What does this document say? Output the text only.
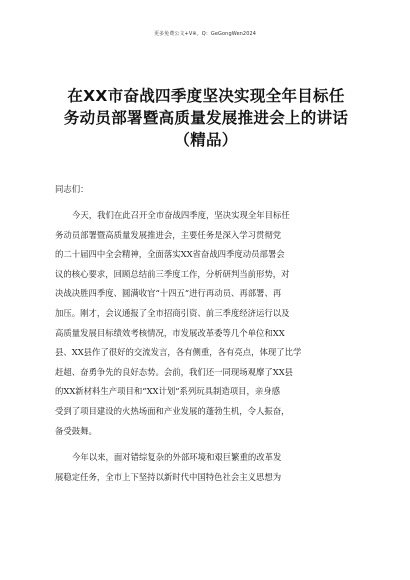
更多免费公文+V※。Q：GeGongWen2024
在XX市奋战四季度坚决实现全年目标任
务动员部署暨高质量发展推进会上的讲话
（精品）
同志们：
今天，我们在此召开全市奋战四季度，坚决实现全年目标任
务动员部署暨高质量发展推进会，主要任务是深入学习贯彻党
的二十届四中全会精神，全面落实XX省奋战四季度动员部署会
议的核心要求，回顾总结前三季度工作，分析研判当前形势，对
决战决胜四季度、圆满收官“十四五”进行再动员、再部署、再
加压。刚才，会议通报了全市招商引资、前三季度经济运行以及
高质量发展目标绩效考核情况，市发展改革委等几个单位和XX
县、XX县作了很好的交流发言，各有侧重，各有亮点，体现了比学
赶超、奋勇争先的良好态势。会前，我们还一同现场观摩了XX县
的XX新材料生产项目和“XX计划”系列玩具制造项目，亲身感
受到了项目建设的火热场面和产业发展的蓬勃生机，令人振奋，
备受鼓舞。
今年以来，面对错综复杂的外部环境和艰巨繁重的改革发
展稳定任务，全市上下坚持以新时代中国特色社会主义思想为
